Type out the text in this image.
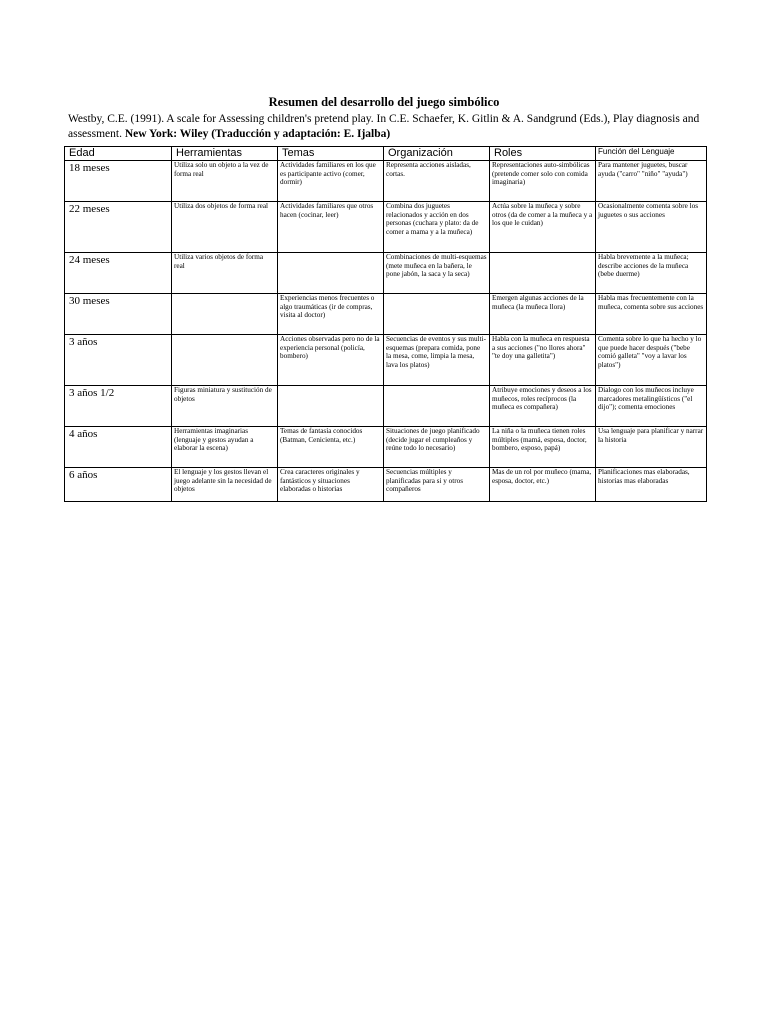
Resumen del desarrollo del juego simbólico
Westby, C.E. (1991). A scale for Assessing children's pretend play. In C.E. Schaefer, K. Gitlin & A. Sandgrund (Eds.), Play diagnosis and assessment. New York: Wiley (Traducción y adaptación: E. Ijalba)
Edad	Herramientas	Temas	Organización	Roles	Función del Lenguaje
18 meses	Utiliza solo un objeto a la vez de forma real	Actividades familiares en los que es participante activo (comer, dormir)	Representa acciones aisladas, cortas.	Representaciones auto-simbólicas (pretende comer solo con comida imaginaria)	Para mantener juguetes, buscar ayuda ("carro" "niño" "ayuda")
22 meses	Utiliza dos objetos de forma real	Actividades familiares que otros hacen (cocinar, leer)	Combina dos juguetes relacionados y acción en dos personas (cuchara y plato: da de comer a mama y a la muñeca)	Actúa sobre la muñeca y sobre otros (da de comer a la muñeca y a los que le cuidan)	Ocasionalmente comenta sobre los juguetes o sus acciones
24 meses	Utiliza varios objetos de forma real		Combinaciones de multi-esquemas (mete muñeca en la bañera, le pone jabón, la saca y la seca)		Habla brevemente a la muñeca; describe acciones de la muñeca (bebe duerme)
30 meses		Experiencias menos frecuentes o algo traumáticas (ir de compras, visita al doctor)		Emergen algunas acciones de la muñeca (la muñeca llora)	Habla mas frecuentemente con la muñeca, comenta sobre sus acciones
3 años		Acciones observadas pero no de la experiencia personal (policía, bombero)	Secuencias de eventos y sus multi-esquemas (prepara comida, pone la mesa, come, limpia la mesa, lava los platos)	Habla con la muñeca en respuesta a sus acciones ("no llores ahora" "te doy una galletita")	Comenta sobre lo que ha hecho y lo que puede hacer después ("bebe comió galleta" "voy a lavar los platos")
3 años 1/2	Figuras miniatura y sustitución de objetos			Atribuye emociones y deseos a los muñecos, roles recíprocos (la muñeca es compañera)	Dialogo con los muñecos incluye marcadores metalingüísticos ("el dijo"); comenta emociones
4 años	Herramientas imaginarias (lenguaje y gestos ayudan a elaborar la escena)	Temas de fantasía conocidos (Batman, Cenicienta, etc.)	Situaciones de juego planificado (decide jugar el cumpleaños y reúne todo lo necesario)	La niña o la muñeca tienen roles múltiples (mamá, esposa, doctor, bombero, esposo, papá)	Usa lenguaje para planificar y narrar la historia
6 años	El lenguaje y los gestos llevan el juego adelante sin la necesidad de objetos	Crea caracteres originales y fantásticos y situaciones elaboradas o historias	Secuencias múltiples y planificadas para si y otros compañeros	Mas de un rol por muñeco (mama, esposa, doctor, etc.)	Planificaciones mas elaboradas, historias mas elaboradas
